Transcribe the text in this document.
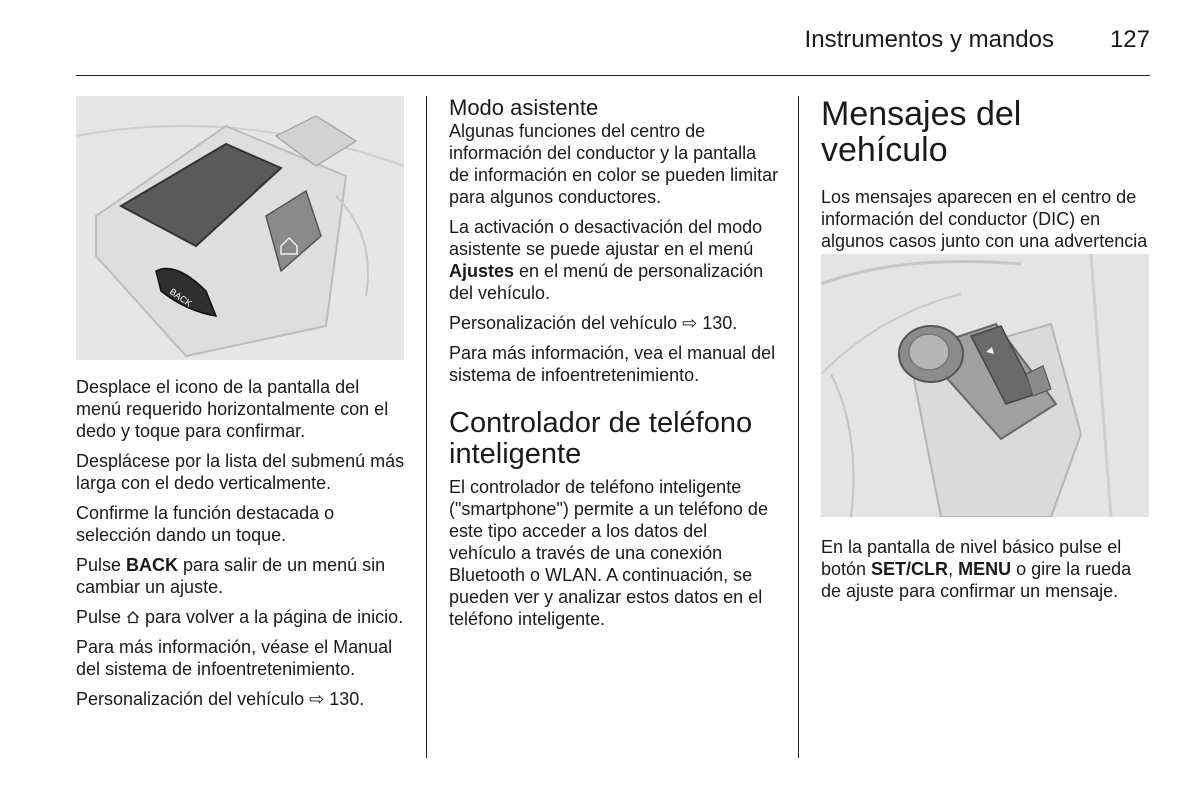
Instrumentos y mandos 127
BACK

Desplace el icono de la pantalla del menú requerido horizontalmente con el dedo y toque para confirmar.

Desplácese por la lista del submenú más larga con el dedo verticalmente.

Confirme la función destacada o selección dando un toque.

Pulse BACK para salir de un menú sin cambiar un ajuste.

Pulse  para volver a la página de inicio.

Para más información, véase el Manual del sistema de infoentretenimiento.

Personalización del vehículo ⇨ 130.

Modo asistente

Algunas funciones del centro de información del conductor y la pantalla de información en color se pueden limitar para algunos conductores.

La activación o desactivación del modo asistente se puede ajustar en el menú Ajustes en el menú de personalización del vehículo.

Personalización del vehículo ⇨ 130.

Para más información, vea el manual del sistema de infoentretenimiento.

Controlador de teléfono inteligente

El controlador de teléfono inteligente ("smartphone") permite a un teléfono de este tipo acceder a los datos del vehículo a través de una conexión Bluetooth o WLAN. A continuación, se pueden ver y analizar estos datos en el teléfono inteligente.

Mensajes del vehículo

Los mensajes aparecen en el centro de información del conductor (DIC) en algunos casos junto con una advertencia

En la pantalla de nivel básico pulse el botón SET/CLR, MENU o gire la rueda de ajuste para confirmar un mensaje.
